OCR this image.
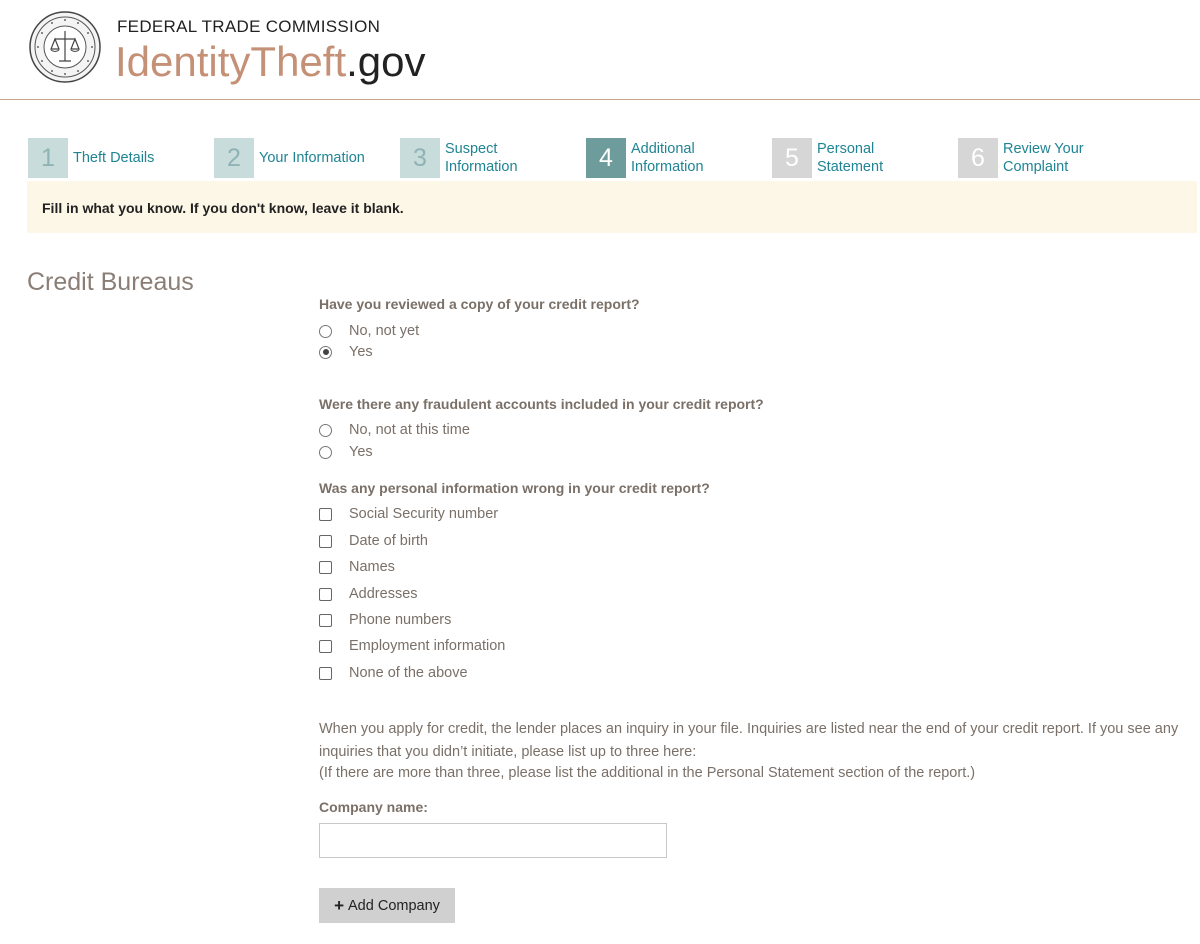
FEDERAL TRADE COMMISSION
IdentityTheft.gov
1	Theft Details	2	Your Information	3	Suspect
Information	4	Additional
Information	5	Personal
Statement	6	Review Your
Complaint
Fill in what you know. If you don't know, leave it blank.
Credit Bureaus
Have you reviewed a copy of your credit report?
No, not yet
Yes
Were there any fraudulent accounts included in your credit report?
No, not at this time
Yes
Was any personal information wrong in your credit report?
Social Security number
Date of birth
Names
Addresses
Phone numbers
Employment information
None of the above
When you apply for credit, the lender places an inquiry in your file. Inquiries are listed near the end of your credit report. If you see any inquiries that you didn’t initiate, please list up to three here:
(If there are more than three, please list the additional in the Personal Statement section of the report.)
Company name:
+ Add Company
